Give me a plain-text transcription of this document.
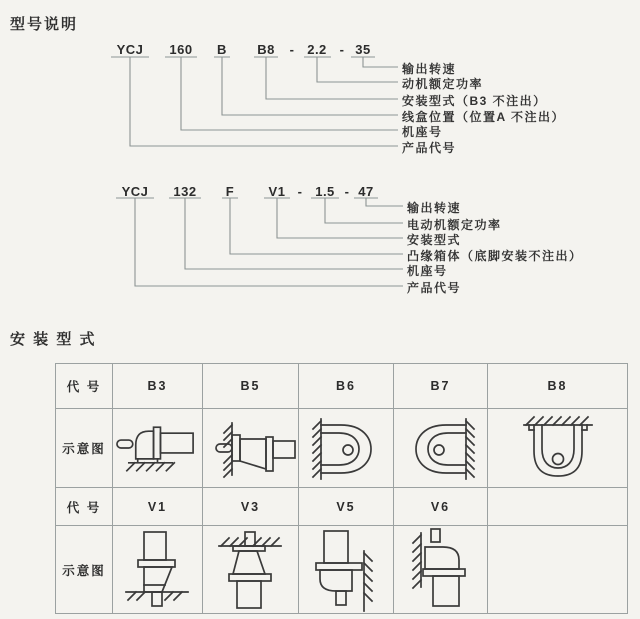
型号说明
YCJ 160 B B8 - 2.2 - 35
输出转速
动机额定功率
安装型式（B3 不注出）
线盒位置（位置A 不注出）
机座号
产品代号
YCJ 132 F	V1 - 1.5 - 47
输出转速
电动机额定功率
安装型式
凸缘箱体（底脚安装不注出）
机座号
产品代号
安 装 型 式
代 号	B3	B5	B6	B7	B8
示意图
代 号	V1	V3	V5	V6
示意图
